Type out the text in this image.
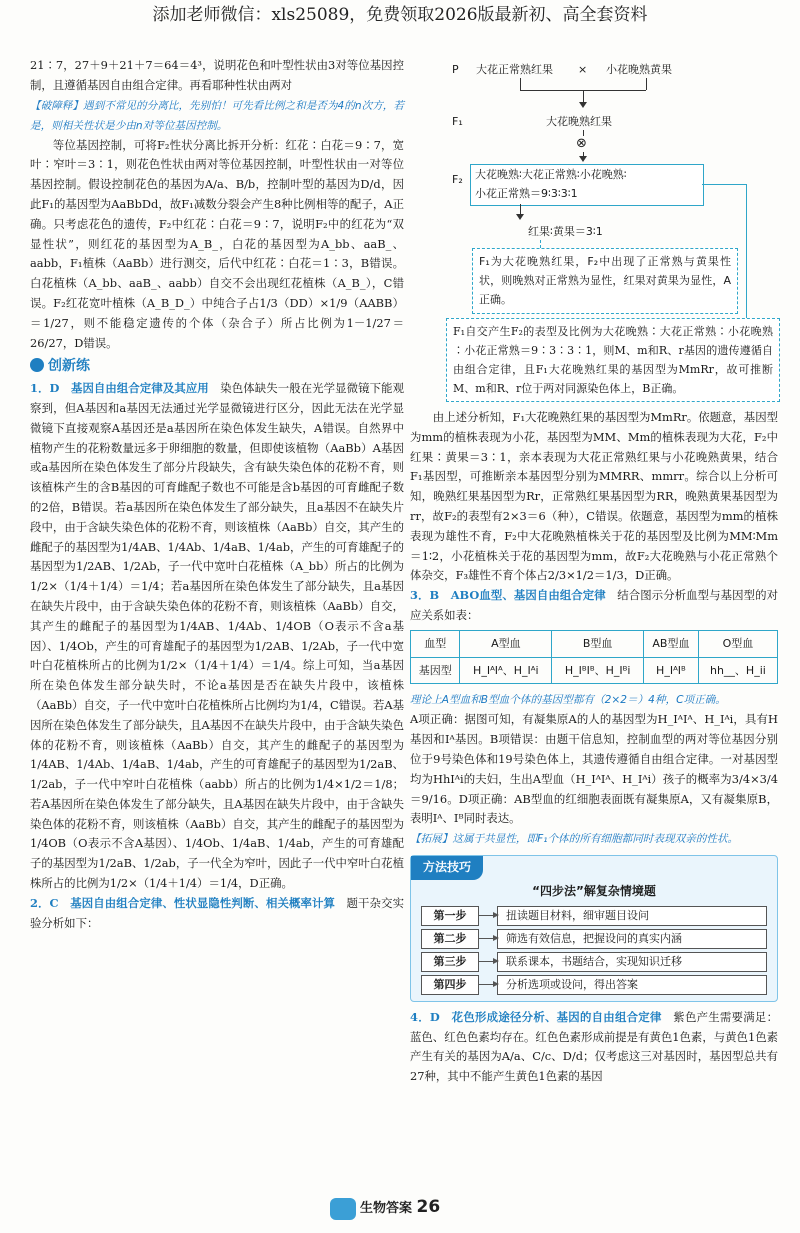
添加老师微信：xls25089，免费领取2026版最新初、高全套资料

21∶7，27＋9＋21＋7＝64＝4³，说明花色和叶型性状由3对等位基因控制，且遵循基因自由组合定律。再看耶种性状由两对

【破障释】遇到不常见的分离比，先别怕！可先看比例之和是否为4的n次方，若是，则相关性状是少由n对等位基因控制。

等位基因控制，可将F₂性状分离比拆开分析：红花∶白花＝9∶7，宽叶∶窄叶＝3∶1，则花色性状由两对等位基因控制，叶型性状由一对等位基因控制。假设控制花色的基因为A/a、B/b，控制叶型的基因为D/d，因此F₁的基因型为AaBbDd，故F₁减数分裂会产生8种比例相等的配子，A正确。只考虑花色的遗传，F₂中红花∶白花＝9∶7，说明F₂中的红花为“双显性状”，则红花的基因型为A_B_，白花的基因型为A_bb、aaB_、aabb，F₁植株（AaBb）进行测交，后代中红花∶白花＝1∶3，B错误。白花植株（A_bb、aaB_、aabb）自交不会出现红花植株（A_B_），C错误。F₂红花宽叶植株（A_B_D_）中纯合子占1/3（DD）×1/9（AABB）＝1/27，则不能稳定遗传的个体（杂合子）所占比例为1－1/27＝26/27，D错误。

创新练

1．D　基因自由组合定律及其应用　 染色体缺失一般在光学显微镜下能观察到，但A基因和a基因无法通过光学显微镜进行区分，因此无法在光学显微镜下直接观察A基因还是a基因所在染色体发生缺失，A错误。自然界中植物产生的花粉数量远多于卵细胞的数量，但即使该植物（AaBb）A基因或a基因所在染色体发生了部分片段缺失，含有缺失染色体的花粉不育，则该植株产生的含B基因的可育雌配子数也不可能是含b基因的可育雌配子数的2倍，B错误。若a基因所在染色体发生了部分缺失，且a基因不在缺失片段中，由于含缺失染色体的花粉不育，则该植株（AaBb）自交，其产生的雌配子的基因型为1/4AB、1/4Ab、1/4aB、1/4ab，产生的可育雄配子的基因型为1/2AB、1/2Ab，子一代中宽叶白花植株（A_bb）所占的比例为1/2×（1/4＋1/4）＝1/4；若a基因所在染色体发生了部分缺失，且a基因在缺失片段中，由于含缺失染色体的花粉不育，则该植株（AaBb）自交，其产生的雌配子的基因型为1/4AB、1/4Ab、1/4OB（O表示不含a基因）、1/4Ob，产生的可育雄配子的基因型为1/2AB、1/2Ab，子一代中宽叶白花植株所占的比例为1/2×（1/4＋1/4）＝1/4。综上可知，当a基因所在染色体发生部分缺失时，不论a基因是否在缺失片段中，该植株（AaBb）自交，子一代中宽叶白花植株所占比例均为1/4，C错误。若A基因所在染色体发生了部分缺失，且A基因不在缺失片段中，由于含缺失染色体的花粉不育，则该植株（AaBb）自交，其产生的雌配子的基因型为1/4AB、1/4Ab、1/4aB、1/4ab，产生的可育雄配子的基因型为1/2aB、1/2ab，子一代中窄叶白花植株（aabb）所占的比例为1/4×1/2＝1/8；若A基因所在染色体发生了部分缺失，且A基因在缺失片段中，由于含缺失染色体的花粉不育，则该植株（AaBb）自交，其产生的雌配子的基因型为1/4OB（O表示不含A基因）、1/4Ob、1/4aB、1/4ab，产生的可育雄配子的基因型为1/2aB、1/2ab，子一代全为窄叶，因此子一代中窄叶白花植株所占的比例为1/2×（1/4＋1/4）＝1/4，D正确。

2．C　基因自由组合定律、性状显隐性判断、相关概率计算　 题干杂交实验分析如下：

P 大花正常熟红果 × 小花晚熟黄果
F₁	大花晚熟红果
⊗
F₂	大花晚熟∶大花正常熟∶小花晚熟∶
小花正常熟＝9∶3∶3∶1
红果∶黄果＝3∶1
F₁为大花晚熟红果，F₂中出现了正常熟与黄果性状，则晚熟对正常熟为显性，红果对黄果为显性，A正确。
F₁自交产生F₂的表型及比例为大花晚熟∶大花正常熟∶小花晚熟∶小花正常熟＝9∶3∶3∶1，则M、m和R、r基因的遗传遵循自由组合定律，且F₁大花晚熟红果的基因型为MmRr，故可推断M、m和R、r位于两对同源染色体上，B正确。

由上述分析知，F₁大花晚熟红果的基因型为MmRr。依题意，基因型为mm的植株表现为小花，基因型为MM、Mm的植株表现为大花，F₂中红果∶黄果＝3∶1，亲本表现为大花正常熟红果与小花晚熟黄果，结合F₁基因型，可推断亲本基因型分别为MMRR、mmrr。综合以上分析可知，晚熟红果基因型为Rr，正常熟红果基因型为RR，晚熟黄果基因型为rr，故F₂的表型有2×3＝6（种），C错误。依题意，基因型为mm的植株表现为雄性不育，F₂中大花晚熟植株关于花的基因型及比例为MM∶Mm＝1∶2，小花植株关于花的基因型为mm，故F₂大花晚熟与小花正常熟个体杂交，F₃雄性不育个体占2/3×1/2＝1/3，D正确。

3．B　ABO血型、基因自由组合定律　 结合图示分析血型与基因型的对应关系如表：

血型	A型血	B型血	AB型血	O型血
基因型	H_IᴬIᴬ、H_Iᴬi	H_IᴮIᴮ、H_Iᴮi	H_IᴬIᴮ	hh__、H_ii

理论上A型血和B型血个体的基因型都有（2×2＝）4种，C项正确。

A项正确：据图可知，有凝集原A的人的基因型为H_IᴬIᴬ、H_Iᴬi，具有H基因和Iᴬ基因。B项错误：由题干信息知，控制血型的两对等位基因分别位于9号染色体和19号染色体上，其遗传遵循自由组合定律。一对基因型均为HhIᴬi的夫妇，生出A型血（H_IᴬIᴬ、H_Iᴬi）孩子的概率为3/4×3/4＝9/16。D项正确：AB型血的红细胞表面既有凝集原A，又有凝集原B，表明Iᴬ、Iᴮ同时表达。

【拓展】这属于共显性，即F₁个体的所有细胞都同时表现双亲的性状。

方法技巧
“四步法”解复杂情境题
第一步	扭读题目材料，细审题目设问
第二步	筛选有效信息，把握设问的真实内涵
第三步	联系课本，书题结合，实现知识迁移
第四步	分析选项或设问，得出答案

4．D　花色形成途径分析、基因的自由组合定律　 紫色产生需要满足：蓝色、红色色素均存在。红色色素形成前提是有黄色1色素，与黄色1色素产生有关的基因为A/a、C/c、D/d；仅考虑这三对基因时，基因型总共有27种，其中不能产生黄色1色素的基因

生物答案 26
